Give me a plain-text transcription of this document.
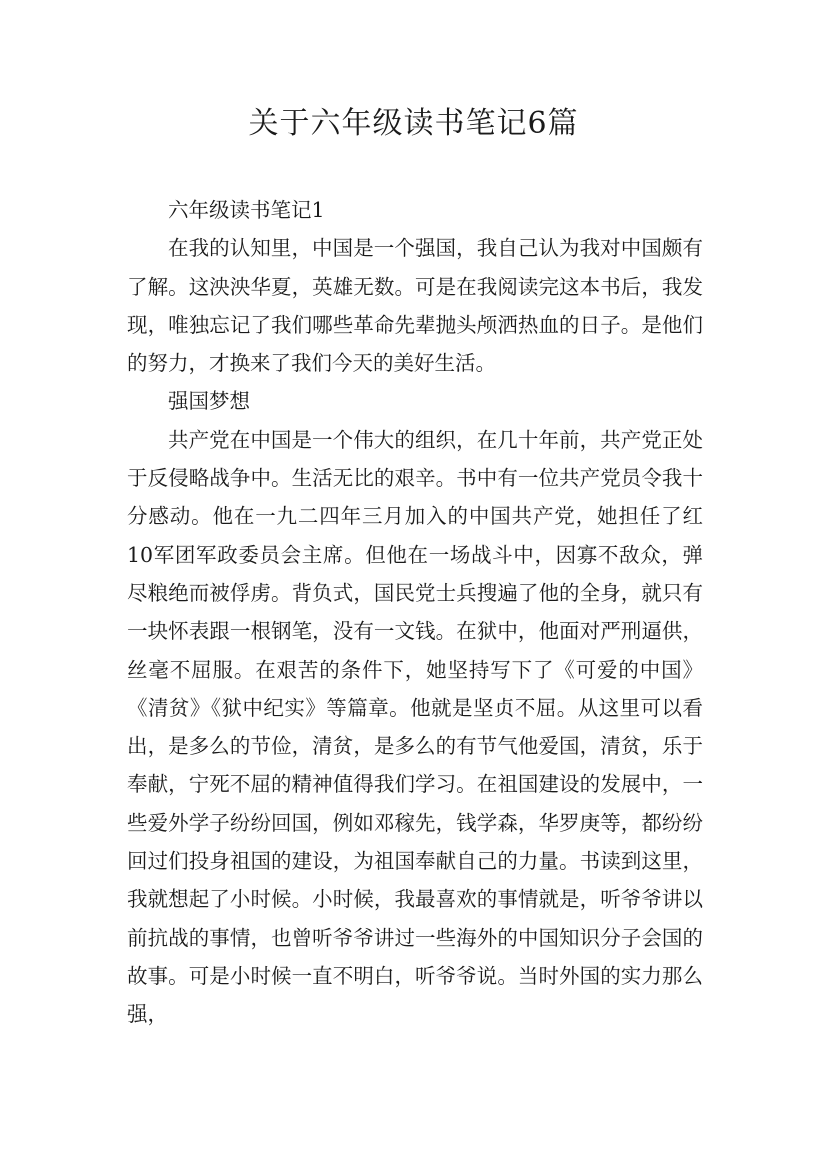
关于六年级读书笔记6篇

六年级读书笔记1

在我的认知里，中国是一个强国，我自己认为我对中国颇有了解。这泱泱华夏，英雄无数。可是在我阅读完这本书后，我发现，唯独忘记了我们哪些革命先辈抛头颅洒热血的日子。是他们的努力，才换来了我们今天的美好生活。

强国梦想

共产党在中国是一个伟大的组织，在几十年前，共产党正处于反侵略战争中。生活无比的艰辛。书中有一位共产党员令我十分感动。他在一九二四年三月加入的中国共产党，她担任了红10军团军政委员会主席。但他在一场战斗中，因寡不敌众，弹尽粮绝而被俘虏。背负式，国民党士兵搜遍了他的全身，就只有一块怀表跟一根钢笔，没有一文钱。在狱中，他面对严刑逼供，丝毫不屈服。在艰苦的条件下，她坚持写下了《可爱的中国》《清贫》《狱中纪实》等篇章。他就是坚贞不屈。从这里可以看出，是多么的节俭，清贫，是多么的有节气他爱国，清贫，乐于奉献，宁死不屈的精神值得我们学习。在祖国建设的发展中，一些爱外学子纷纷回国，例如邓稼先，钱学森，华罗庚等，都纷纷回过们投身祖国的建设，为祖国奉献自己的力量。书读到这里，我就想起了小时候。小时候，我最喜欢的事情就是，听爷爷讲以前抗战的事情，也曾听爷爷讲过一些海外的中国知识分子会国的故事。可是小时候一直不明白，听爷爷说。当时外国的实力那么强，
